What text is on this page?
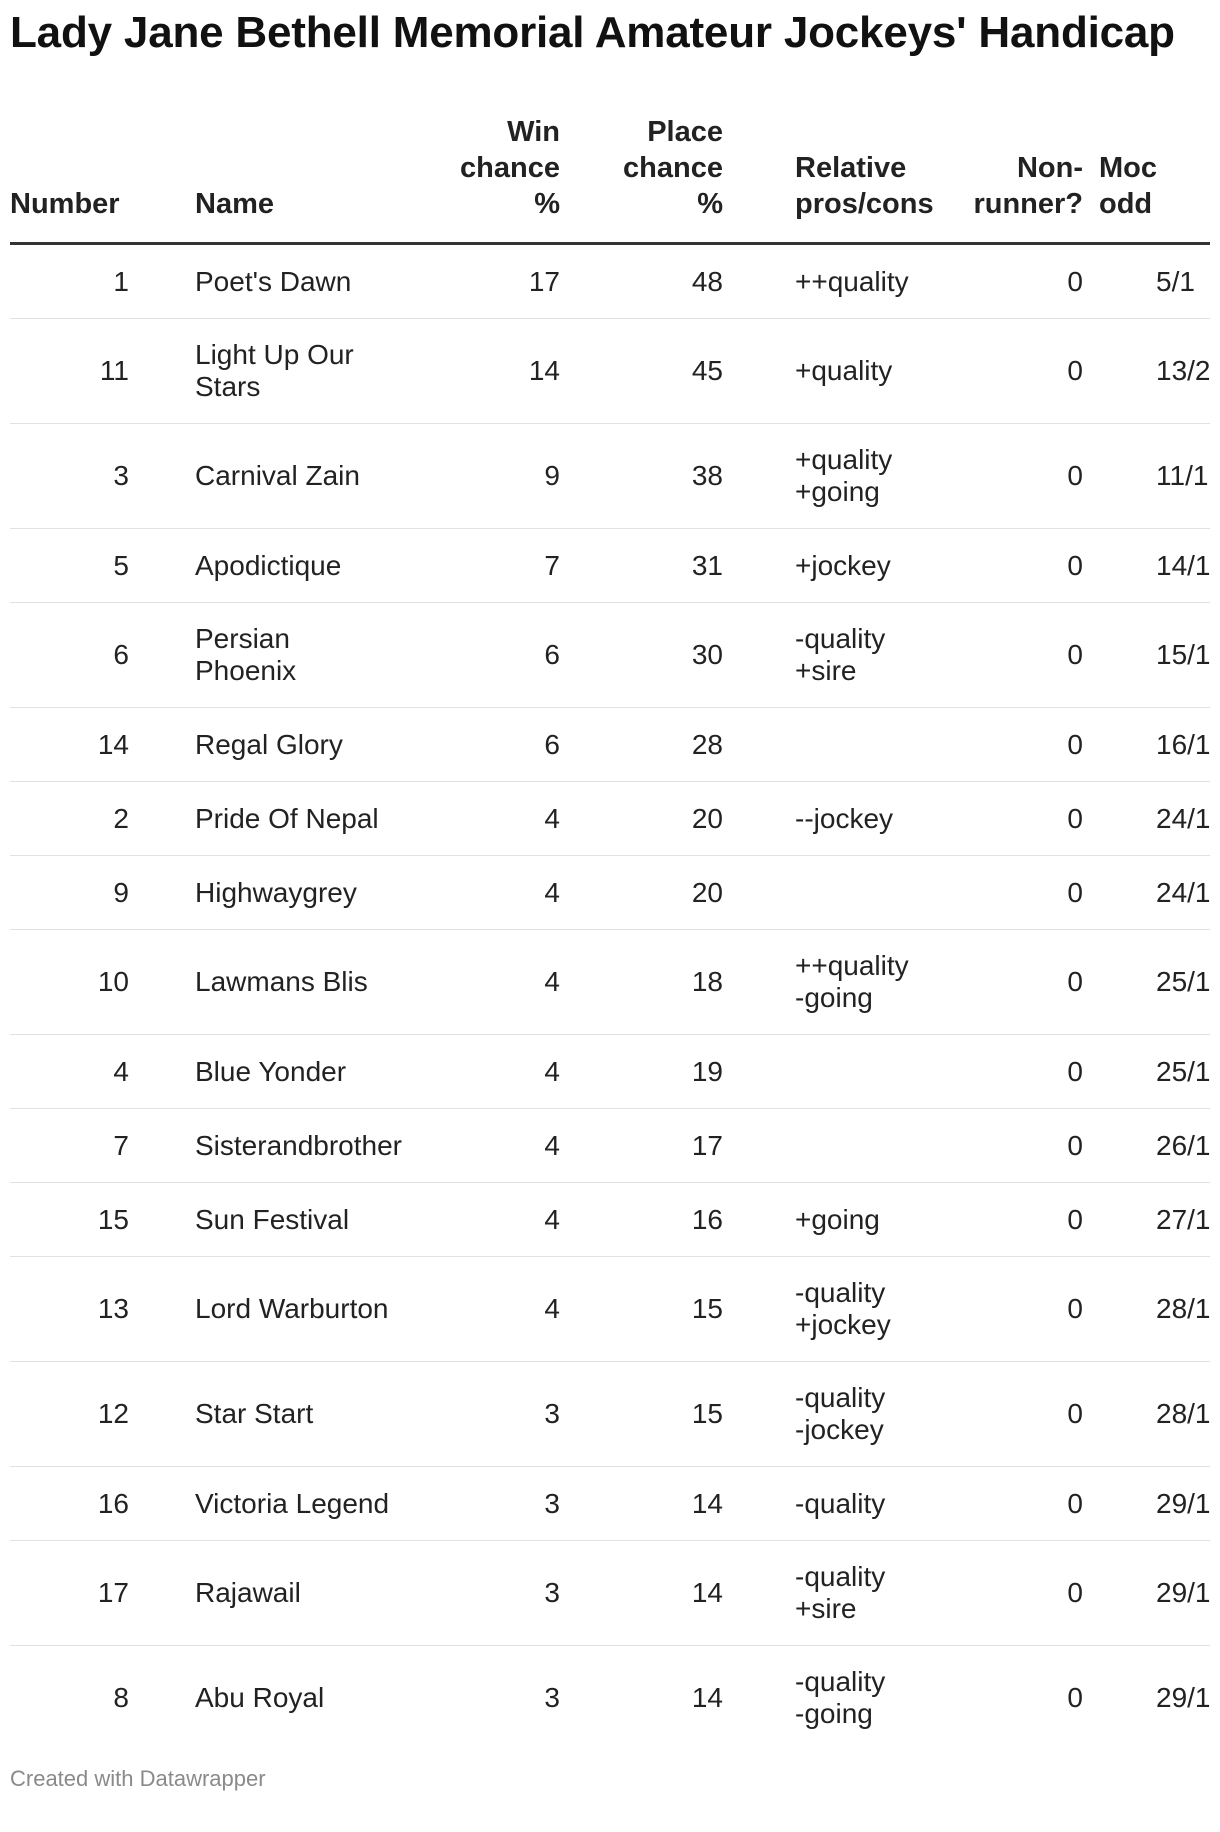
Lady Jane Bethell Memorial Amateur Jockeys' Handicap
Number	Name	Win
chance
%	Place
chance
%	Relative
pros/cons	Non-
runner?	Moc
odd
1	Poet's Dawn	17	48	++quality	0	5/1
11	Light Up Our
Stars	14	45	+quality	0	13/2
3	Carnival Zain	9	38	+quality
+going	0	11/1
5	Apodictique	7	31	+jockey	0	14/1
6	Persian Phoenix	6	30	-quality
+sire	0	15/1
14	Regal Glory	6	28		0	16/1
2	Pride Of Nepal	4	20	--jockey	0	24/1
9	Highwaygrey	4	20		0	24/1
10	Lawmans Blis	4	18	++quality
-going	0	25/1
4	Blue Yonder	4	19		0	25/1
7	Sisterandbrother	4	17		0	26/1
15	Sun Festival	4	16	+going	0	27/1
13	Lord Warburton	4	15	-quality
+jockey	0	28/1
12	Star Start	3	15	-quality
-jockey	0	28/1
16	Victoria Legend	3	14	-quality	0	29/1
17	Rajawail	3	14	-quality
+sire	0	29/1
8	Abu Royal	3	14	-quality
-going	0	29/1
Created with Datawrapper
